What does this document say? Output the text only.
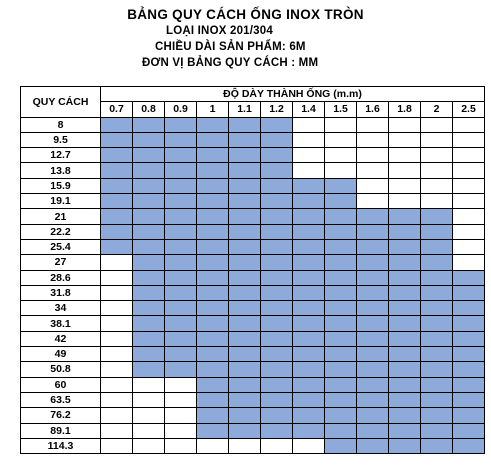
BẢNG QUY CÁCH ỐNG INOX TRÒN
LOẠI INOX 201/304
CHIỀU DÀI SẢN PHẨM: 6M
ĐƠN VỊ BẢNG QUY CÁCH : MM
QUY CÁCH	ĐỘ DÀY THÀNH ỐNG (m.m)											
	0.7	0.8	0.9	1	1.1	1.2	1.4	1.5	1.6	1.8	2	2.5
8												
9.5												
12.7												
13.8												
15.9												
19.1												
21												
22.2												
25.4												
27												
28.6												
31.8												
34												
38.1												
42												
49												
50.8												
60												
63.5												
76.2												
89.1												
114.3												
